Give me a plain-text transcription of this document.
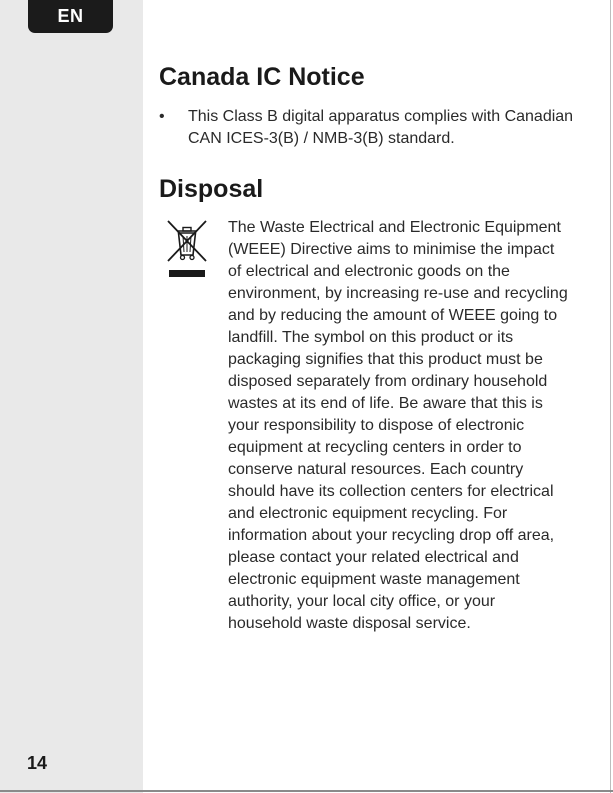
EN
14
Canada IC Notice
• This Class B digital apparatus complies with Canadian CAN ICES-3(B) / NMB-3(B) standard.
Disposal

The Waste Electrical and Electronic Equipment (WEEE) Directive aims to minimise the impact of electrical and electronic goods on the environment, by increasing re-use and recycling and by reducing the amount of WEEE going to landfill. The symbol on this product or its packaging signifies that this product must be disposed separately from ordinary household wastes at its end of life. Be aware that this is your responsibility to dispose of electronic equipment at recycling centers in order to conserve natural resources. Each country should have its collection centers for electrical and electronic equipment recycling. For information about your recycling drop off area, please contact your related electrical and electronic equipment waste management authority, your local city office, or your household waste disposal service.
